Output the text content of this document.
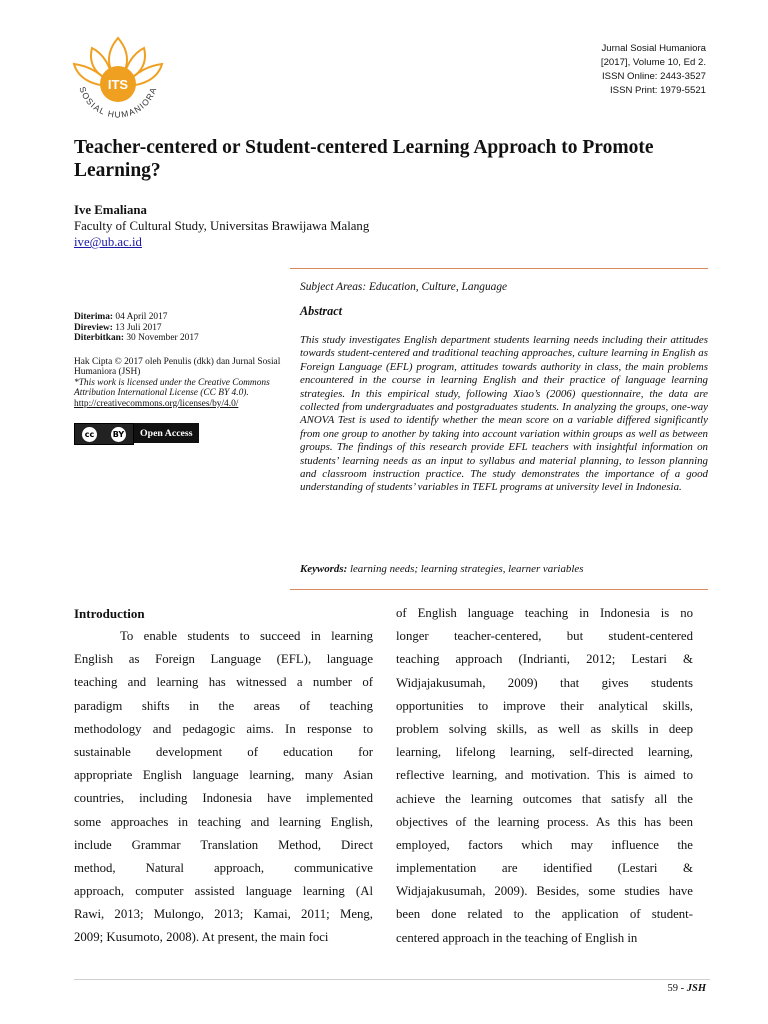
ITS
SOSIAL HUMANIORA
Jurnal Sosial Humaniora
[2017], Volume 10, Ed 2.
ISSN Online: 2443-3527
ISSN Print: 1979-5521
Teacher-centered or Student-centered Learning Approach to Promote Learning?
Ive Emaliana
Faculty of Cultural Study, Universitas Brawijawa Malang
ive@ub.ac.id
Subject Areas: Education, Culture, Language
Abstract
This study investigates English department students learning needs including their attitudes towards student-centered and traditional teaching approaches, culture learning in English as Foreign Language (EFL) program, attitudes towards authority in class, the main problems encountered in the course in learning English and their practice of language learning strategies. In this empirical study, following Xiao’s (2006) questionnaire, the data are collected from undergraduates and postgraduates students. In analyzing the groups, one-way ANOVA Test is used to identify whether the mean score on a variable differed significantly from one group to another by taking into account variation within groups as well as between groups. The findings of this research provide EFL teachers with insightful information on students’ learning needs as an input to syllabus and material planning, to lesson planning and classroom instruction practice. The study demonstrates the importance of a good understanding of students’ variables in TEFL programs at university level in Indonesia.
Keywords: learning needs; learning strategies, learner variables
Diterima: 04 April 2017
Direview: 13 Juli 2017
Diterbitkan: 30 November 2017
Hak Cipta © 2017 oleh Penulis (dkk) dan Jurnal Sosial Humaniora (JSH)
*This work is licensed under the Creative Commons Attribution International License (CC BY 4.0).
http://creativecommons.org/licenses/by/4.0/
cc	BY	Open Access
Introduction
To enable students to succeed in learning
English as Foreign Language (EFL), language
teaching and learning has witnessed a number of
paradigm shifts in the areas of teaching
methodology and pedagogic aims. In response to
sustainable development of education for
appropriate English language learning, many Asian
countries, including Indonesia have implemented
some approaches in teaching and learning English,
include Grammar Translation Method, Direct
method, Natural approach, communicative
approach, computer assisted language learning (Al
Rawi, 2013; Mulongo, 2013; Kamai, 2011; Meng,
2009; Kusumoto, 2008). At present, the main foci
of English language teaching in Indonesia is no
longer teacher-centered, but student-centered
teaching approach (Indrianti, 2012; Lestari &
Widjajakusumah, 2009) that gives students
opportunities to improve their analytical skills,
problem solving skills, as well as skills in deep
learning, lifelong learning, self-directed learning,
reflective learning, and motivation. This is aimed to
achieve the learning outcomes that satisfy all the
objectives of the learning process. As this has been
employed, factors which may influence the
implementation are identified (Lestari &
Widjajakusumah, 2009). Besides, some studies have
been done related to the application of student-
centered approach in the teaching of English in
59 - JSH
